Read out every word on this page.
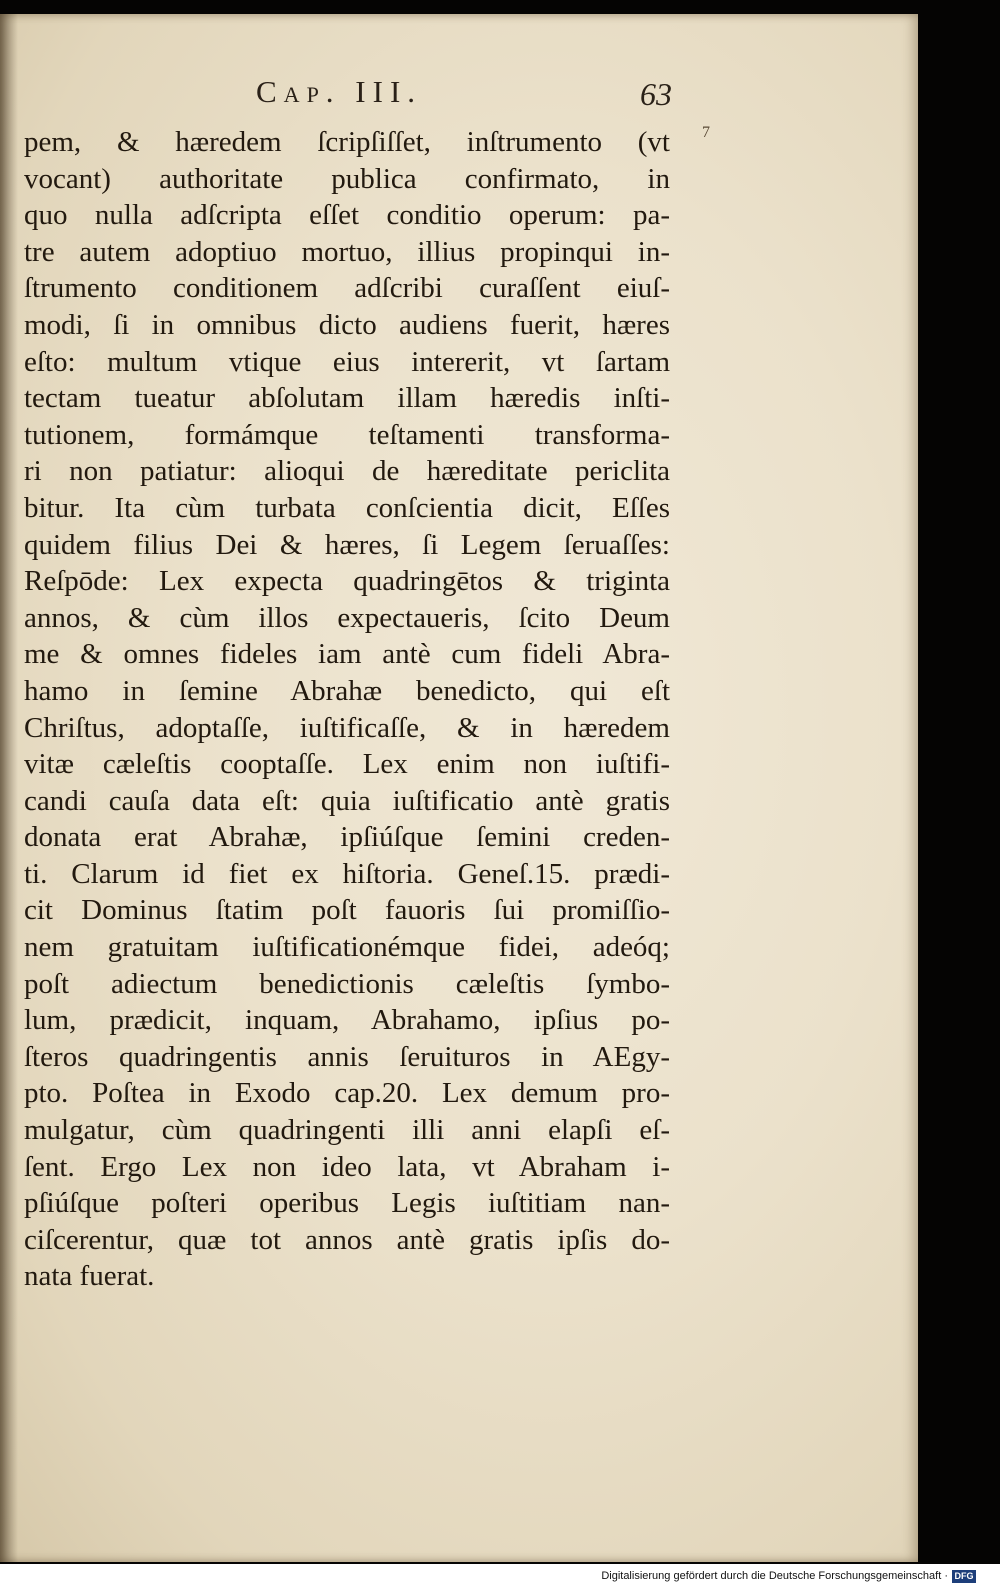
Cap. III.	63
7
pem, & hæredem ſcripſiſſet, inſtrumento (vt
vocant) authoritate publica confirmato, in
quo nulla adſcripta eſſet conditio operum: pa-
tre autem adoptiuo mortuo, illius propinqui in-
ſtrumento conditionem adſcribi curaſſent eiuſ-
modi, ſi in omnibus dicto audiens fuerit, hæres
eſto: multum vtique eius intererit, vt ſartam
tectam tueatur abſolutam illam hæredis inſti-
tutionem, formámque teſtamenti transforma-
ri non patiatur: alioqui de hæreditate periclita
bitur. Ita cùm turbata conſcientia dicit, Eſſes
quidem filius Dei & hæres, ſi Legem ſeruaſſes:
Reſpōde: Lex expecta quadringētos & triginta
annos, & cùm illos expectaueris, ſcito Deum
me & omnes fideles iam antè cum fideli Abra-
hamo in ſemine Abrahæ benedicto, qui eſt
Chriſtus, adoptaſſe, iuſtificaſſe, & in hæredem
vitæ cæleſtis cooptaſſe. Lex enim non iuſtifi-
candi cauſa data eſt: quia iuſtificatio antè gratis
donata erat Abrahæ, ipſiúſque ſemini creden-
ti. Clarum id fiet ex hiſtoria. Geneſ.15. prædi-
cit Dominus ſtatim poſt fauoris ſui promiſſio-
nem gratuitam iuſtificationémque fidei, adeóq;
poſt adiectum benedictionis cæleſtis ſymbo-
lum, prædicit, inquam, Abrahamo, ipſius po-
ſteros quadringentis annis ſeruituros in AEgy-
pto. Poſtea in Exodo cap.20. Lex demum pro-
mulgatur, cùm quadringenti illi anni elapſi eſ-
ſent. Ergo Lex non ideo lata, vt Abraham i-
pſiúſque poſteri operibus Legis iuſtitiam nan-
ciſcerentur, quæ tot annos antè gratis ipſis do-
nata fuerat.
Digitalisierung gefördert durch die Deutsche Forschungsgemeinschaft · DFG
